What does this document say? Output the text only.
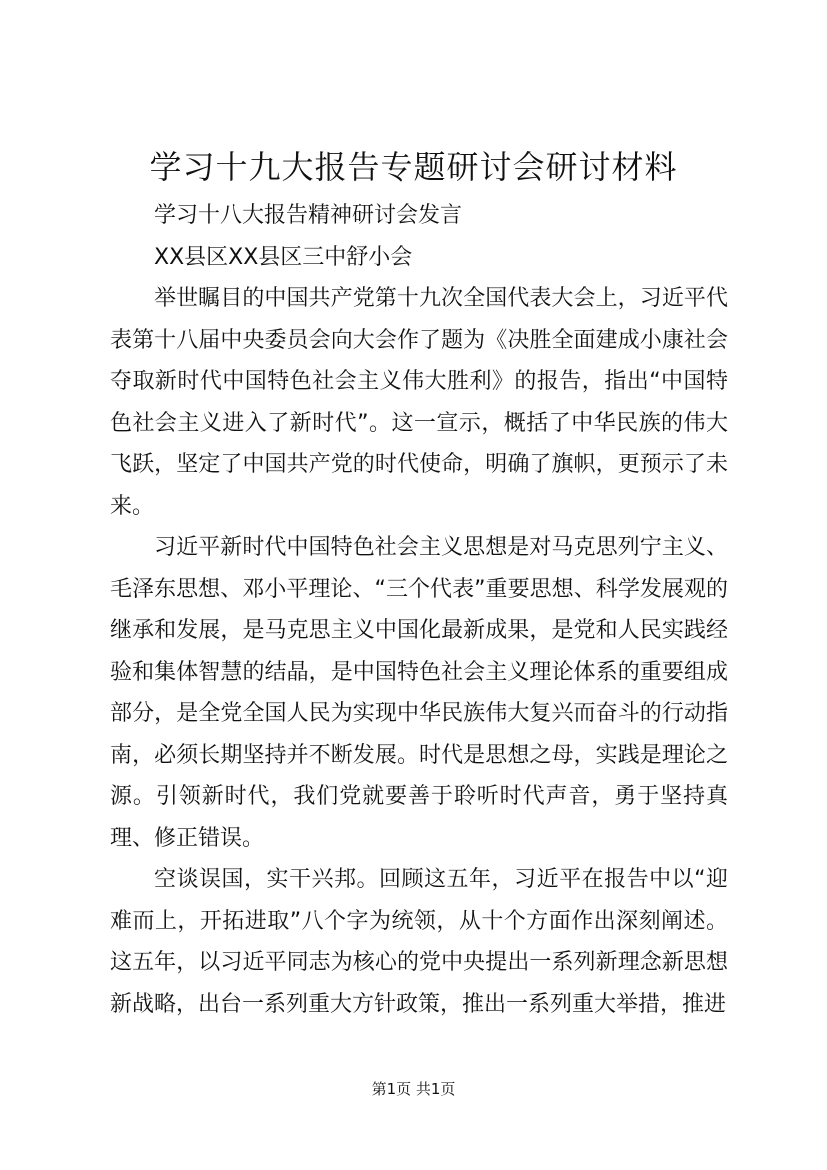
学习十九大报告专题研讨会研讨材料

学习十八大报告精神研讨会发言

XX县区XX县区三中舒小会

举世瞩目的中国共产党第十九次全国代表大会上，习近平代表第十八届中央委员会向大会作了题为《决胜全面建成小康社会夺取新时代中国特色社会主义伟大胜利》的报告，指出“中国特色社会主义进入了新时代”。这一宣示，概括了中华民族的伟大飞跃，坚定了中国共产党的时代使命，明确了旗帜，更预示了未来。

习近平新时代中国特色社会主义思想是对马克思列宁主义、毛泽东思想、邓小平理论、“三个代表”重要思想、科学发展观的继承和发展，是马克思主义中国化最新成果，是党和人民实践经验和集体智慧的结晶，是中国特色社会主义理论体系的重要组成部分，是全党全国人民为实现中华民族伟大复兴而奋斗的行动指南，必须长期坚持并不断发展。时代是思想之母，实践是理论之源。引领新时代，我们党就要善于聆听时代声音，勇于坚持真理、修正错误。

空谈误国，实干兴邦。回顾这五年，习近平在报告中以“迎难而上，开拓进取”八个字为统领，从十个方面作出深刻阐述。这五年，以习近平同志为核心的党中央提出一系列新理念新思想新战略，出台一系列重大方针政策，推出一系列重大举措，推进

第1页 共1页
